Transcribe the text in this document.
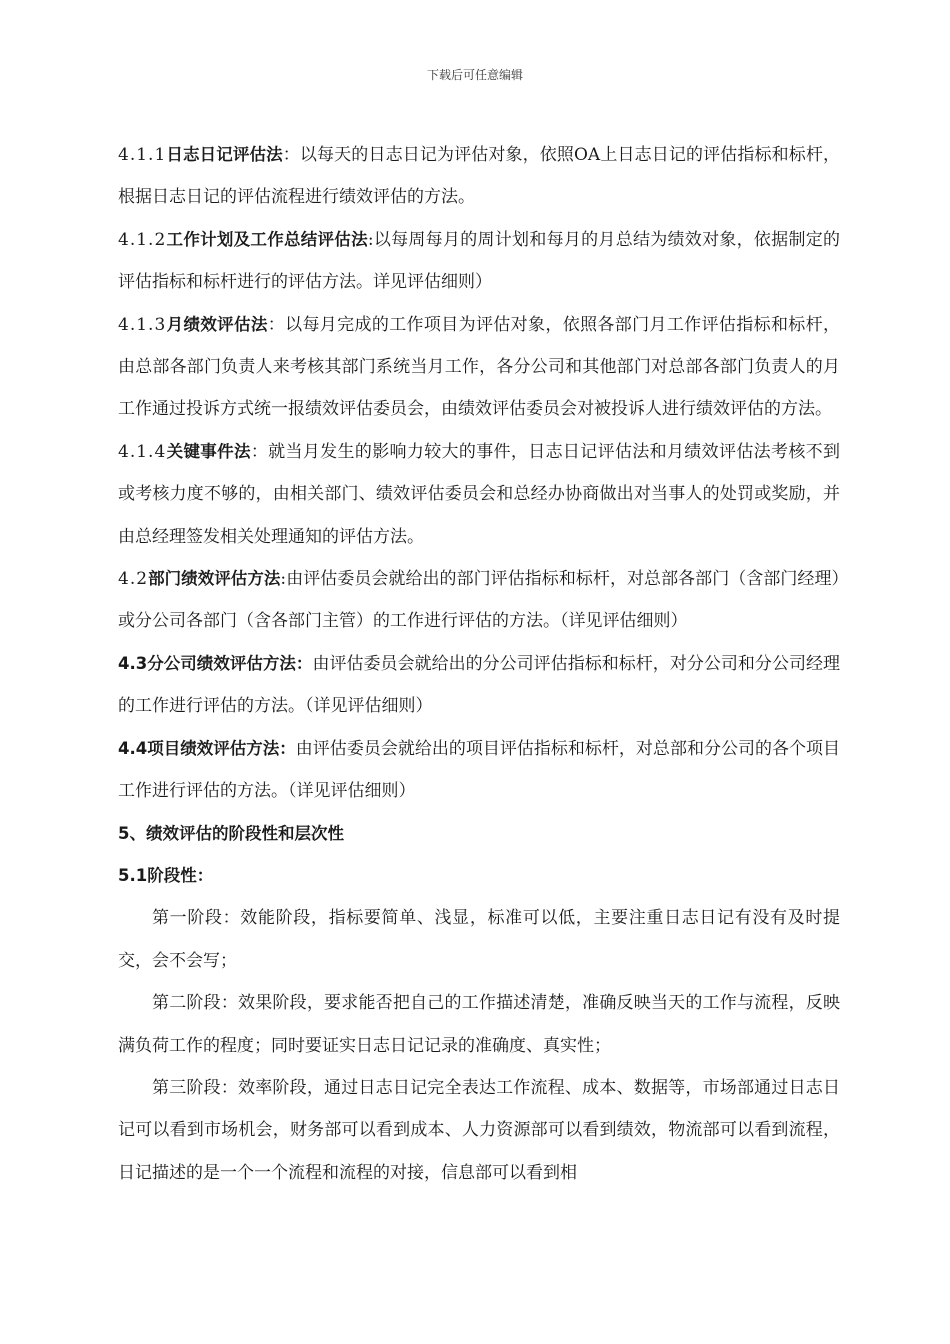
下载后可任意编辑

4.1.1日志日记评估法：以每天的日志日记为评估对象，依照OA上日志日记的评估指标和标杆，根据日志日记的评估流程进行绩效评估的方法。

4.1.2工作计划及工作总结评估法:以每周每月的周计划和每月的月总结为绩效对象，依据制定的评估指标和标杆进行的评估方法。详见评估细则）

4.1.3月绩效评估法：以每月完成的工作项目为评估对象，依照各部门月工作评估指标和标杆，由总部各部门负责人来考核其部门系统当月工作，各分公司和其他部门对总部各部门负责人的月工作通过投诉方式统一报绩效评估委员会，由绩效评估委员会对被投诉人进行绩效评估的方法。

4.1.4关键事件法：就当月发生的影响力较大的事件，日志日记评估法和月绩效评估法考核不到或考核力度不够的，由相关部门、绩效评估委员会和总经办协商做出对当事人的处罚或奖励，并由总经理签发相关处理通知的评估方法。

4.2部门绩效评估方法:由评估委员会就给出的部门评估指标和标杆，对总部各部门（含部门经理）或分公司各部门（含各部门主管）的工作进行评估的方法。（详见评估细则）

4.3分公司绩效评估方法：由评估委员会就给出的分公司评估指标和标杆，对分公司和分公司经理的工作进行评估的方法。（详见评估细则）

4.4项目绩效评估方法：由评估委员会就给出的项目评估指标和标杆，对总部和分公司的各个项目工作进行评估的方法。（详见评估细则）

5、绩效评估的阶段性和层次性

5.1阶段性：

第一阶段：效能阶段，指标要简单、浅显，标准可以低，主要注重日志日记有没有及时提交，会不会写；

第二阶段：效果阶段，要求能否把自己的工作描述清楚，准确反映当天的工作与流程，反映满负荷工作的程度；同时要证实日志日记记录的准确度、真实性；

第三阶段：效率阶段，通过日志日记完全表达工作流程、成本、数据等，市场部通过日志日记可以看到市场机会，财务部可以看到成本、人力资源部可以看到绩效，物流部可以看到流程，日记描述的是一个一个流程和流程的对接，信息部可以看到相
